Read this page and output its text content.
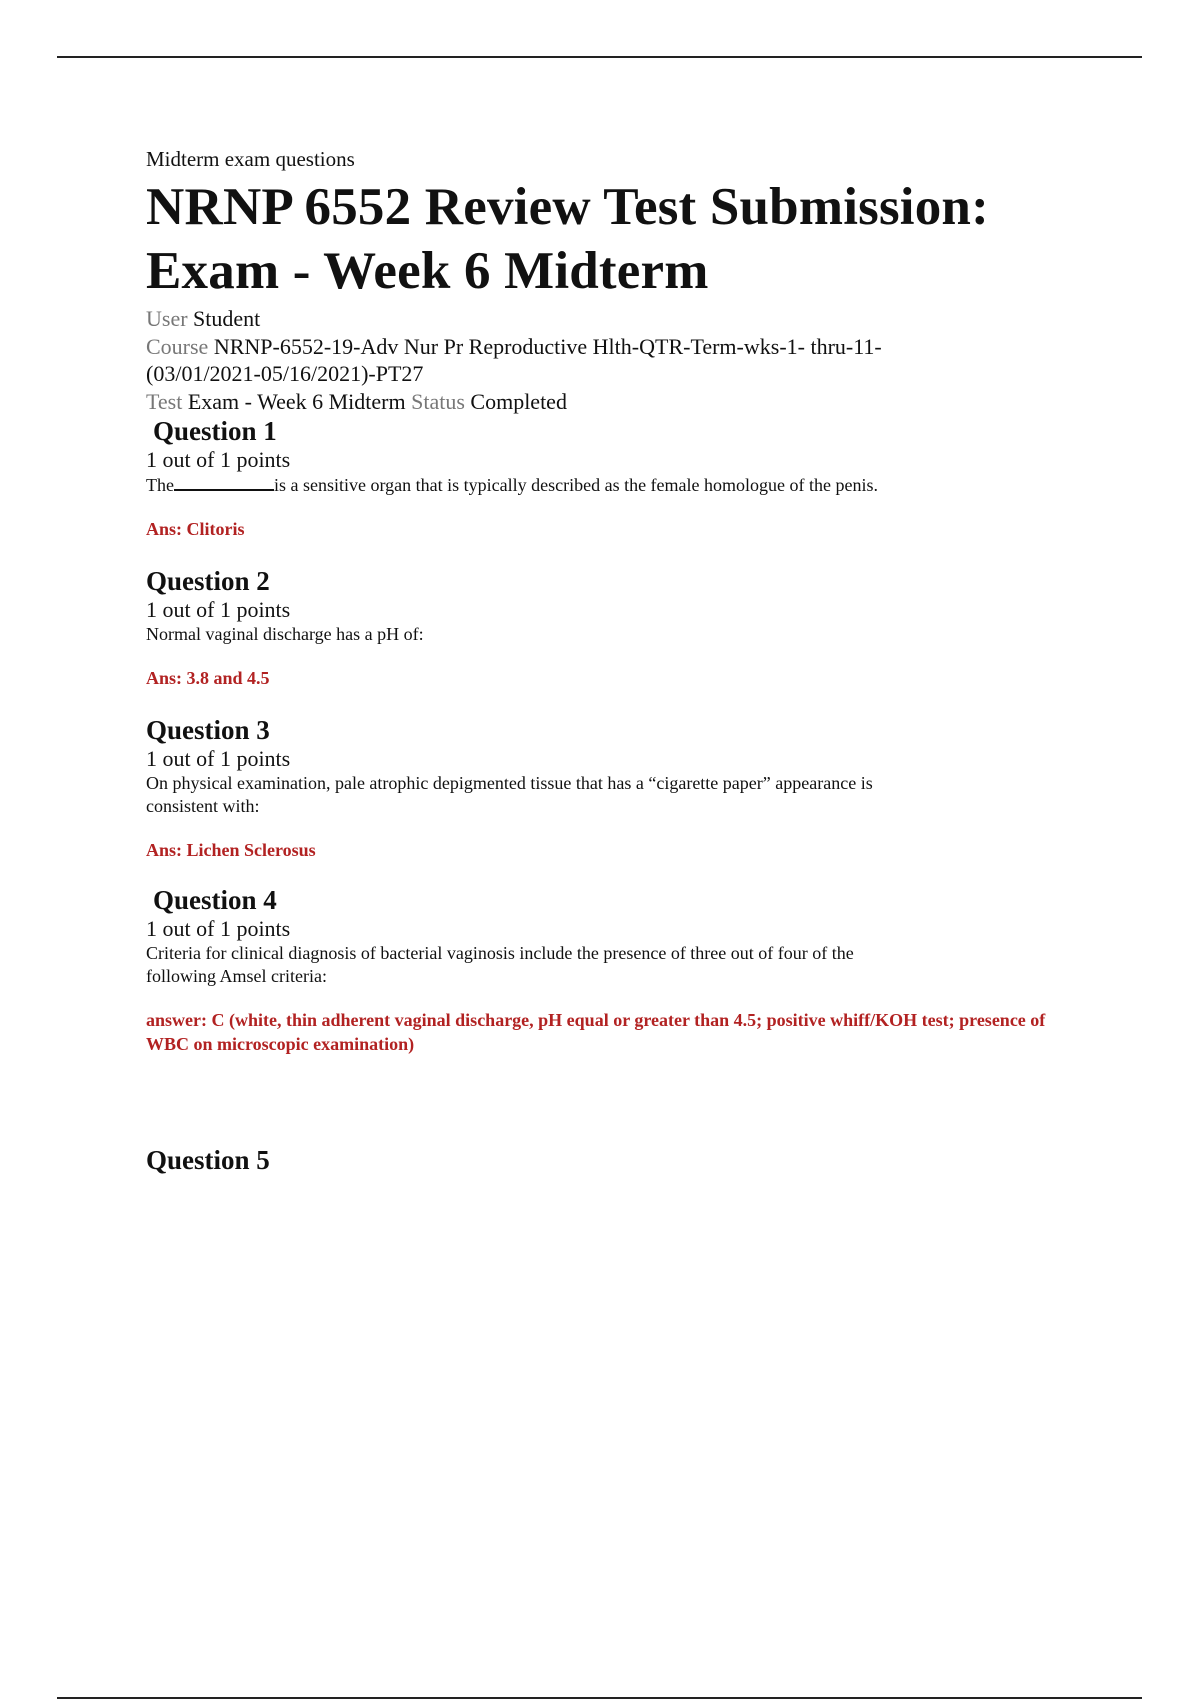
Midterm exam questions
NRNP 6552 Review Test Submission: Exam - Week 6 Midterm
User Student
Course NRNP-6552-19-Adv Nur Pr Reproductive Hlth-QTR-Term-wks-1- thru-11-(03/01/2021-05/16/2021)-PT27
Test Exam - Week 6 Midterm Status Completed
Question 1
1 out of 1 points
The	is a sensitive organ that is typically described as the female homologue of the penis.
Ans: Clitoris
Question 2
1 out of 1 points
Normal vaginal discharge has a pH of:
Ans: 3.8 and 4.5
Question 3
1 out of 1 points
On physical examination, pale atrophic depigmented tissue that has a “cigarette paper” appearance is consistent with:
Ans: Lichen Sclerosus
Question 4
1 out of 1 points
Criteria for clinical diagnosis of bacterial vaginosis include the presence of three out of four of the following Amsel criteria:
answer: C (white, thin adherent vaginal discharge, pH equal or greater than 4.5; positive whiff/KOH test; presence of WBC on microscopic examination)
Question 5
